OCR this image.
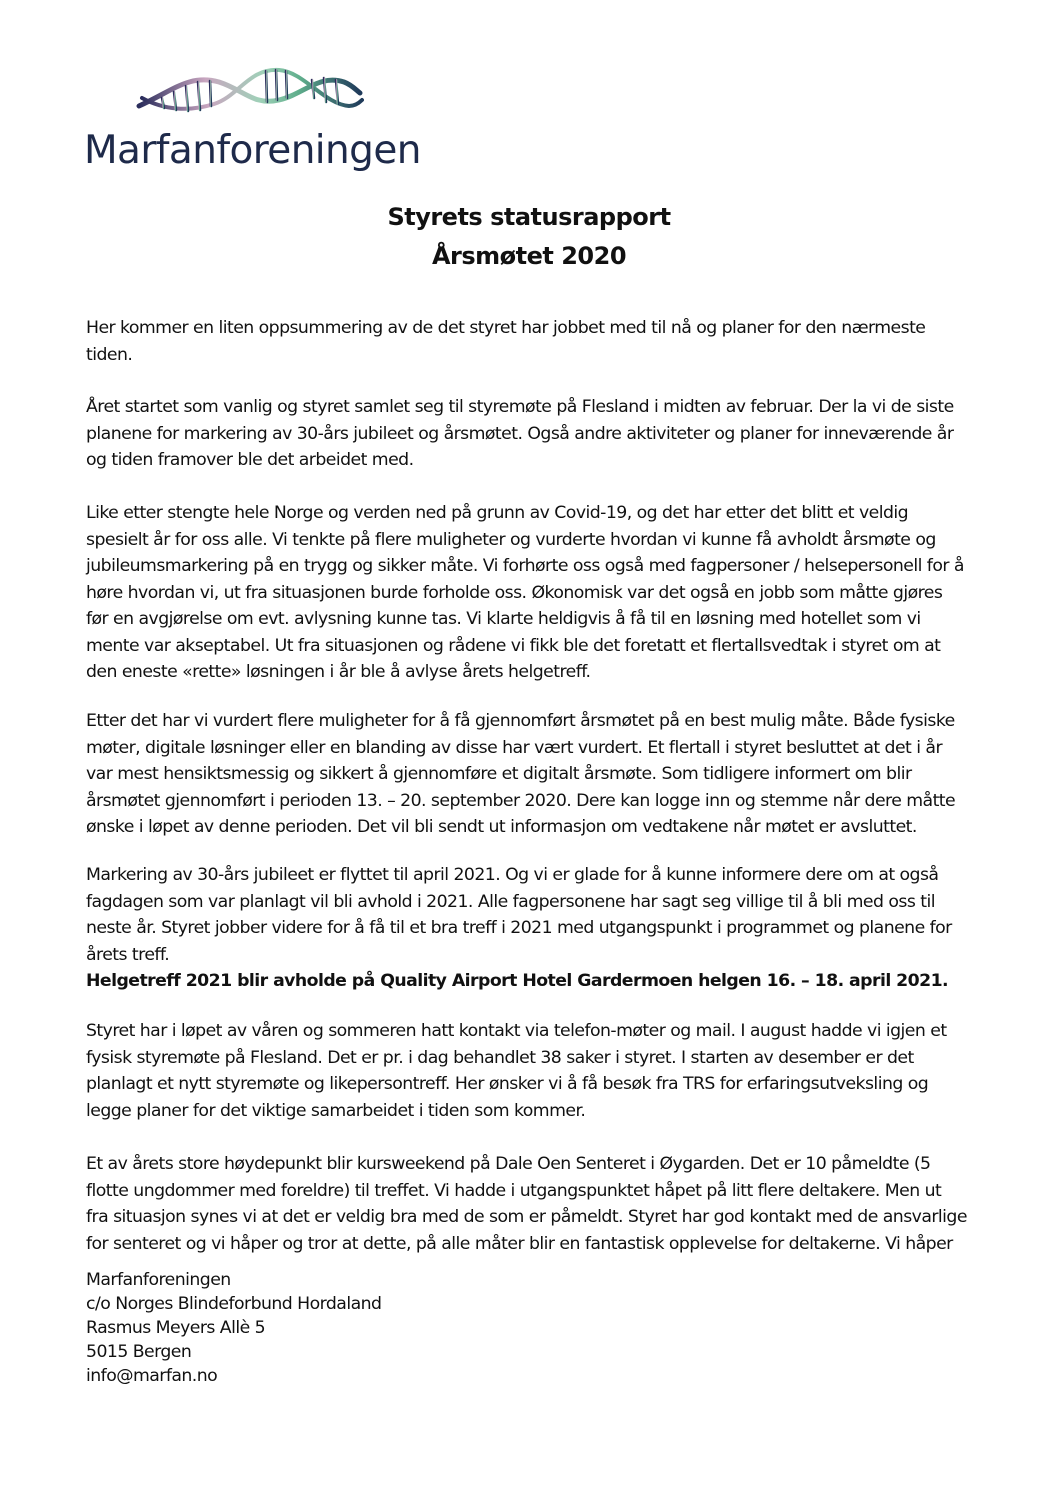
Marfanforeningen
Styrets statusrapport
Årsmøtet 2020

Her kommer en liten oppsummering av de det styret har jobbet med til nå og planer for den nærmeste
tiden.

Året startet som vanlig og styret samlet seg til styremøte på Flesland i midten av februar. Der la vi de siste
planene for markering av 30-års jubileet og årsmøtet. Også andre aktiviteter og planer for inneværende år
og tiden framover ble det arbeidet med.

Like etter stengte hele Norge og verden ned på grunn av Covid-19, og det har etter det blitt et veldig
spesielt år for oss alle. Vi tenkte på flere muligheter og vurderte hvordan vi kunne få avholdt årsmøte og
jubileumsmarkering på en trygg og sikker måte. Vi forhørte oss også med fagpersoner / helsepersonell for å
høre hvordan vi, ut fra situasjonen burde forholde oss. Økonomisk var det også en jobb som måtte gjøres
før en avgjørelse om evt. avlysning kunne tas. Vi klarte heldigvis å få til en løsning med hotellet som vi
mente var akseptabel. Ut fra situasjonen og rådene vi fikk ble det foretatt et flertallsvedtak i styret om at
den eneste «rette» løsningen i år ble å avlyse årets helgetreff.

Etter det har vi vurdert flere muligheter for å få gjennomført årsmøtet på en best mulig måte. Både fysiske
møter, digitale løsninger eller en blanding av disse har vært vurdert. Et flertall i styret besluttet at det i år
var mest hensiktsmessig og sikkert å gjennomføre et digitalt årsmøte. Som tidligere informert om blir
årsmøtet gjennomført i perioden 13. – 20. september 2020. Dere kan logge inn og stemme når dere måtte
ønske i løpet av denne perioden. Det vil bli sendt ut informasjon om vedtakene når møtet er avsluttet.

Markering av 30-års jubileet er flyttet til april 2021. Og vi er glade for å kunne informere dere om at også
fagdagen som var planlagt vil bli avhold i 2021. Alle fagpersonene har sagt seg villige til å bli med oss til
neste år. Styret jobber videre for å få til et bra treff i 2021 med utgangspunkt i programmet og planene for
årets treff.
Helgetreff 2021 blir avholde på Quality Airport Hotel Gardermoen helgen 16. – 18. april 2021.

Styret har i løpet av våren og sommeren hatt kontakt via telefon-møter og mail. I august hadde vi igjen et
fysisk styremøte på Flesland. Det er pr. i dag behandlet 38 saker i styret. I starten av desember er det
planlagt et nytt styremøte og likepersontreff. Her ønsker vi å få besøk fra TRS for erfaringsutveksling og
legge planer for det viktige samarbeidet i tiden som kommer.

Et av årets store høydepunkt blir kursweekend på Dale Oen Senteret i Øygarden. Det er 10 påmeldte (5
flotte ungdommer med foreldre) til treffet. Vi hadde i utgangspunktet håpet på litt flere deltakere. Men ut
fra situasjon synes vi at det er veldig bra med de som er påmeldt. Styret har god kontakt med de ansvarlige
for senteret og vi håper og tror at dette, på alle måter blir en fantastisk opplevelse for deltakerne. Vi håper

Marfanforeningen
c/o Norges Blindeforbund Hordaland
Rasmus Meyers Allè 5
5015 Bergen
info@marfan.no
